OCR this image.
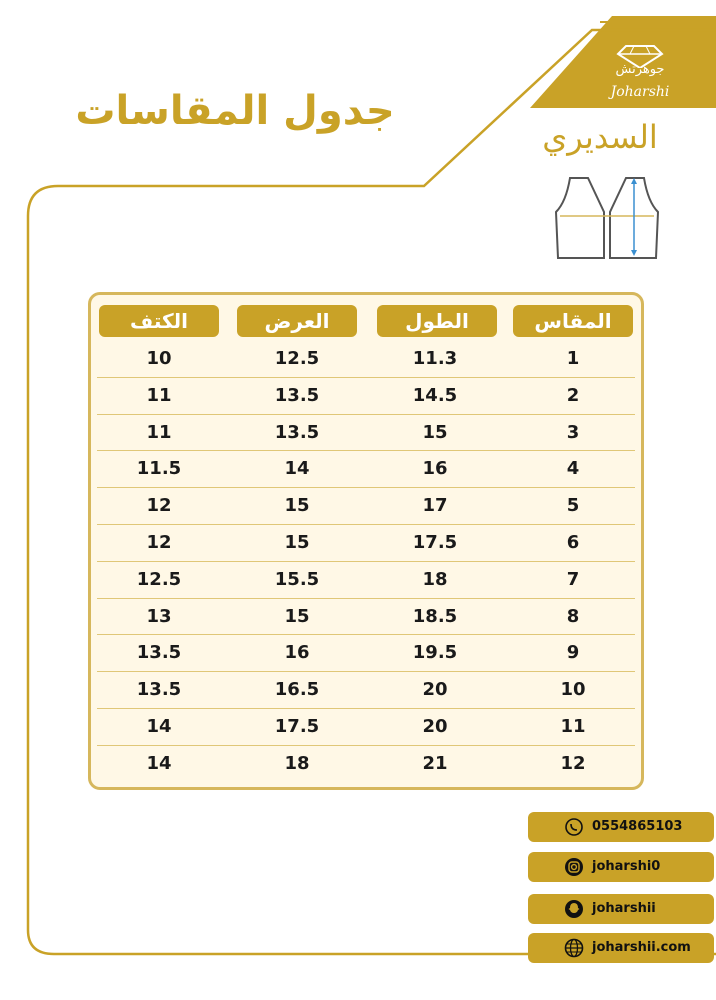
جدول المقاسات
جوهرتش
Joharshi
السديري
المقاس
الطول
العرض
الكتف
1
11.3
12.5
10
2
14.5
13.5
11
3
15
13.5
11
4
16
14
11.5
5
17
15
12
6
17.5
15
12
7
18
15.5
12.5
8
18.5
15
13
9
19.5
16
13.5
10
20
16.5
13.5
11
20
17.5
14
12
21
18
14
0554865103
joharshi0
joharshii
joharshii.com
